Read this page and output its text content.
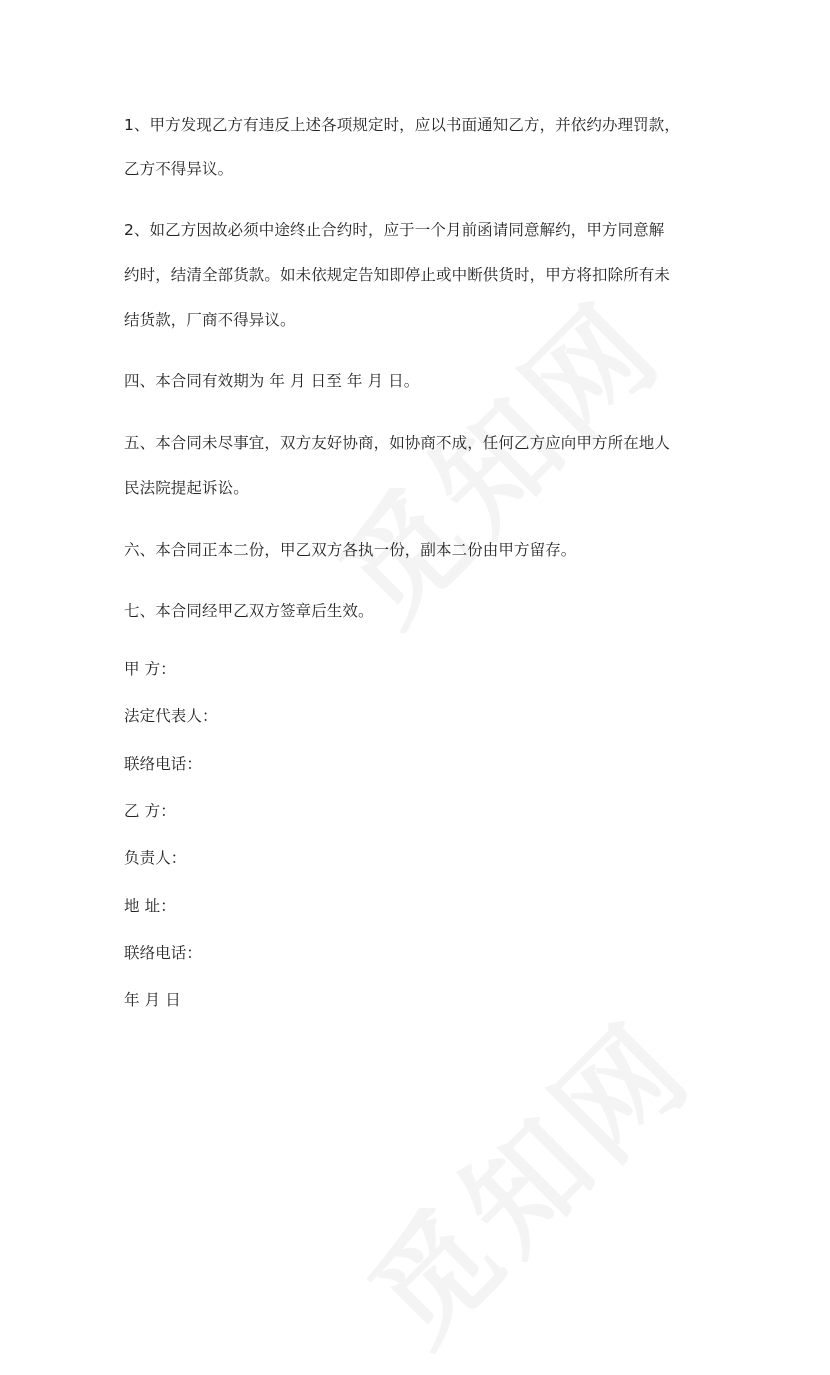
1、甲方发现乙方有违反上述各项规定时，应以书面通知乙方，并依约办理罚款，
乙方不得异议。
2、如乙方因故必须中途终止合约时，应于一个月前函请同意解约，甲方同意解
约时，结清全部货款。如未依规定告知即停止或中断供货时，甲方将扣除所有未
结货款，厂商不得异议。
四、本合同有效期为 年 月 日至 年 月 日。
五、本合同未尽事宜，双方友好协商，如协商不成，任何乙方应向甲方所在地人
民法院提起诉讼。
六、本合同正本二份，甲乙双方各执一份，副本二份由甲方留存。
七、本合同经甲乙双方签章后生效。
甲 方：
法定代表人：
联络电话：
乙 方：
负责人：
地 址：
联络电话：
年 月 日
